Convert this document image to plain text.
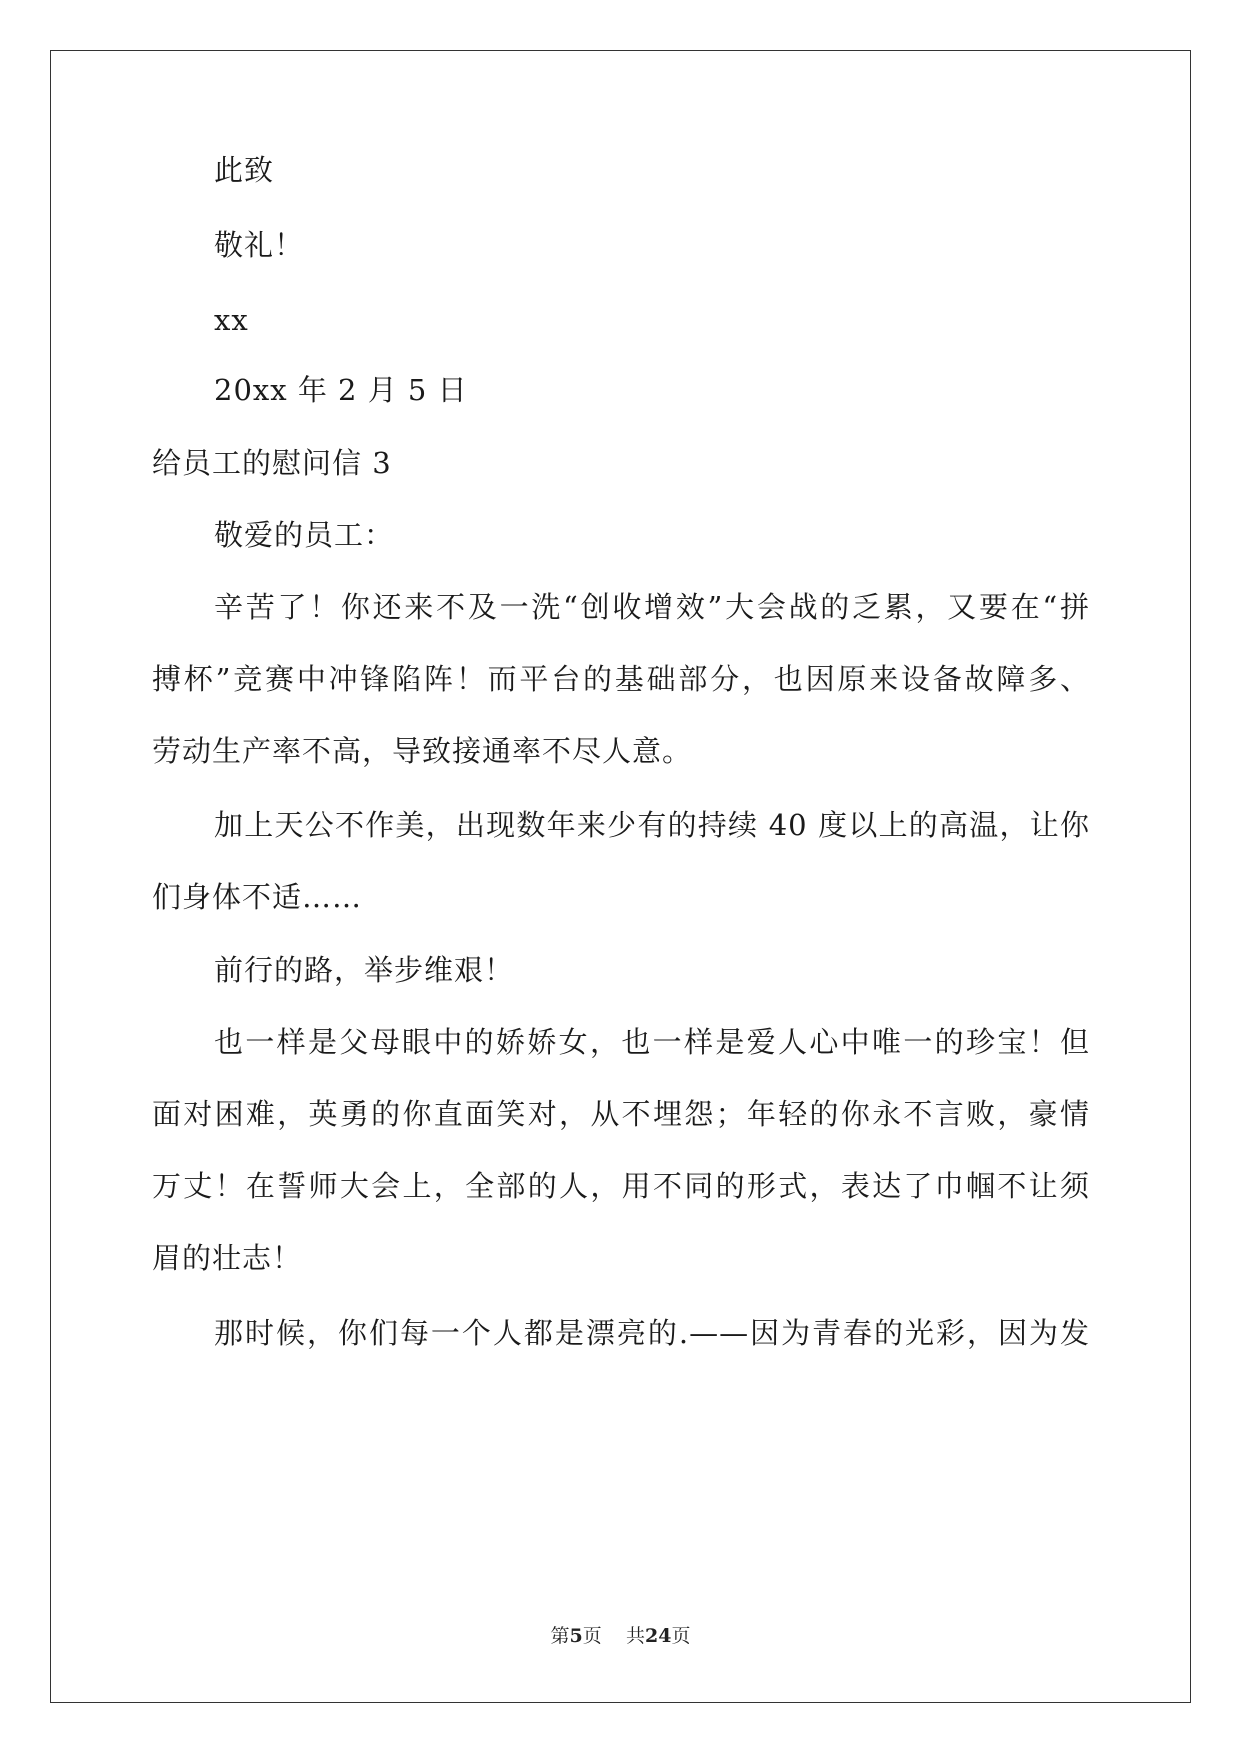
此致
敬礼！
xx
20xx 年 2 月 5 日
给员工的慰问信 3
敬爱的员工：
辛苦了！你还来不及一洗“创收增效”大会战的乏累，又要在“拼
搏杯”竞赛中冲锋陷阵！而平台的基础部分，也因原来设备故障多、
劳动生产率不高，导致接通率不尽人意。
加上天公不作美，出现数年来少有的持续 40 度以上的高温，让你
们身体不适……
前行的路，举步维艰！
也一样是父母眼中的娇娇女，也一样是爱人心中唯一的珍宝！但
面对困难，英勇的你直面笑对，从不埋怨；年轻的你永不言败，豪情
万丈！在誓师大会上，全部的人，用不同的形式，表达了巾帼不让须
眉的壮志！
那时候，你们每一个人都是漂亮的.——因为青春的光彩，因为发
第5页 共24页
